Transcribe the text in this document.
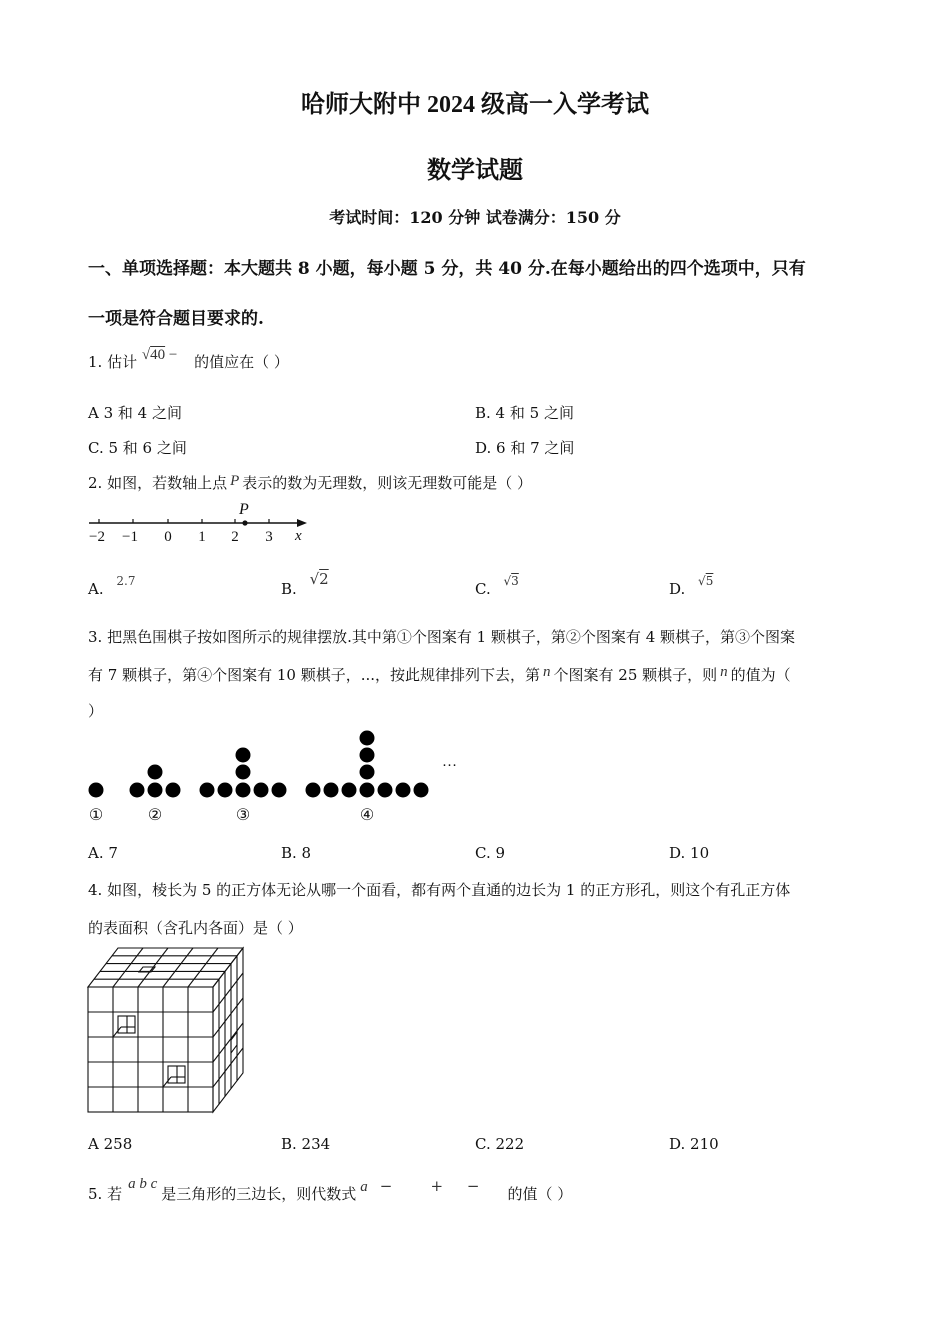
哈师大附中 2024 级高一入学考试
数学试题
考试时间：120 分钟 试卷满分：150 分
一、单项选择题：本大题共 8 小题，每小题 5 分，共 40 分.在每小题给出的四个选项中，只有
一项是符合题目要求的.
1. 估计 √40 − 的值应在（ ）
A 3 和 4 之间	B. 4 和 5 之间
C. 5 和 6 之间	D. 6 和 7 之间
2. 如图，若数轴上点 P 表示的数为无理数，则该无理数可能是（ ）
P
−2 −1 0 1 2 3 x
A. $^{2.7}$	B. √2
C. $^{√3}$	D. $^{√5}$
3. 把黑色围棋子按如图所示的规律摆放.其中第①个图案有 1 颗棋子，第②个图案有 4 颗棋子，第③个图案
有 7 颗棋子，第④个图案有 10 颗棋子，...，按此规律排列下去，第 n 个图案有 25 颗棋子，则 n 的值为（
）
…
①	②	③	④
A. 7	B. 8	C. 9	D. 10
4. 如图，棱长为 5 的正方体无论从哪一个面看，都有两个直通的边长为 1 的正方形孔，则这个有孔正方体
的表面积（含孔内各面）是（ ）
A 258	B. 234	C. 222	D. 210
5. 若a b c是三角形的三边长，则代数式 a −        +     − 的值（ ）
